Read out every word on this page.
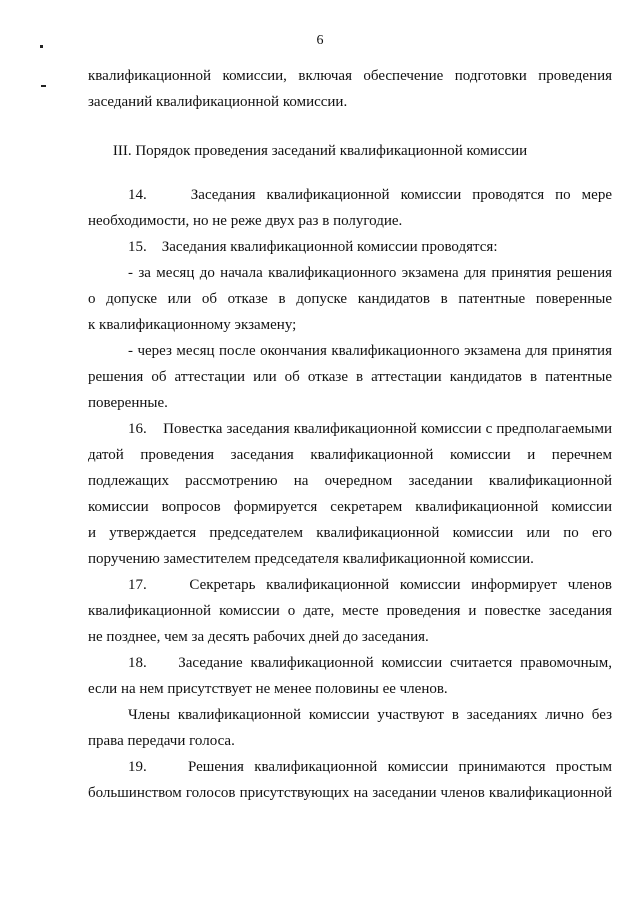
6
квалификационной комиссии, включая обеспечение подготовки проведения
заседаний квалификационной комиссии.
III. Порядок проведения заседаний квалификационной комиссии
14.    Заседания квалификационной комиссии проводятся по мере
необходимости, но не реже двух раз в полугодие.
15.    Заседания квалификационной комиссии проводятся:
- за месяц до начала квалификационного экзамена для принятия решения
о допуске или об отказе в допуске кандидатов в патентные поверенные
к квалификационному экзамену;
- через месяц после окончания квалификационного экзамена для принятия
решения об аттестации или об отказе в аттестации кандидатов в патентные
поверенные.
16.    Повестка заседания квалификационной комиссии с предполагаемыми
датой проведения заседания квалификационной комиссии и перечнем
подлежащих рассмотрению на очередном заседании квалификационной
комиссии вопросов формируется секретарем квалификационной комиссии
и утверждается председателем квалификационной комиссии или по его
поручению заместителем председателя квалификационной комиссии.
17.    Секретарь квалификационной комиссии информирует членов
квалификационной комиссии о дате, месте проведения и повестке заседания
не позднее, чем за десять рабочих дней до заседания.
18.    Заседание квалификационной комиссии считается правомочным,
если на нем присутствует не менее половины ее членов.
Члены квалификационной комиссии участвуют в заседаниях лично без
права передачи голоса.
19.    Решения квалификационной комиссии принимаются простым
большинством голосов присутствующих на заседании членов квалификационной
